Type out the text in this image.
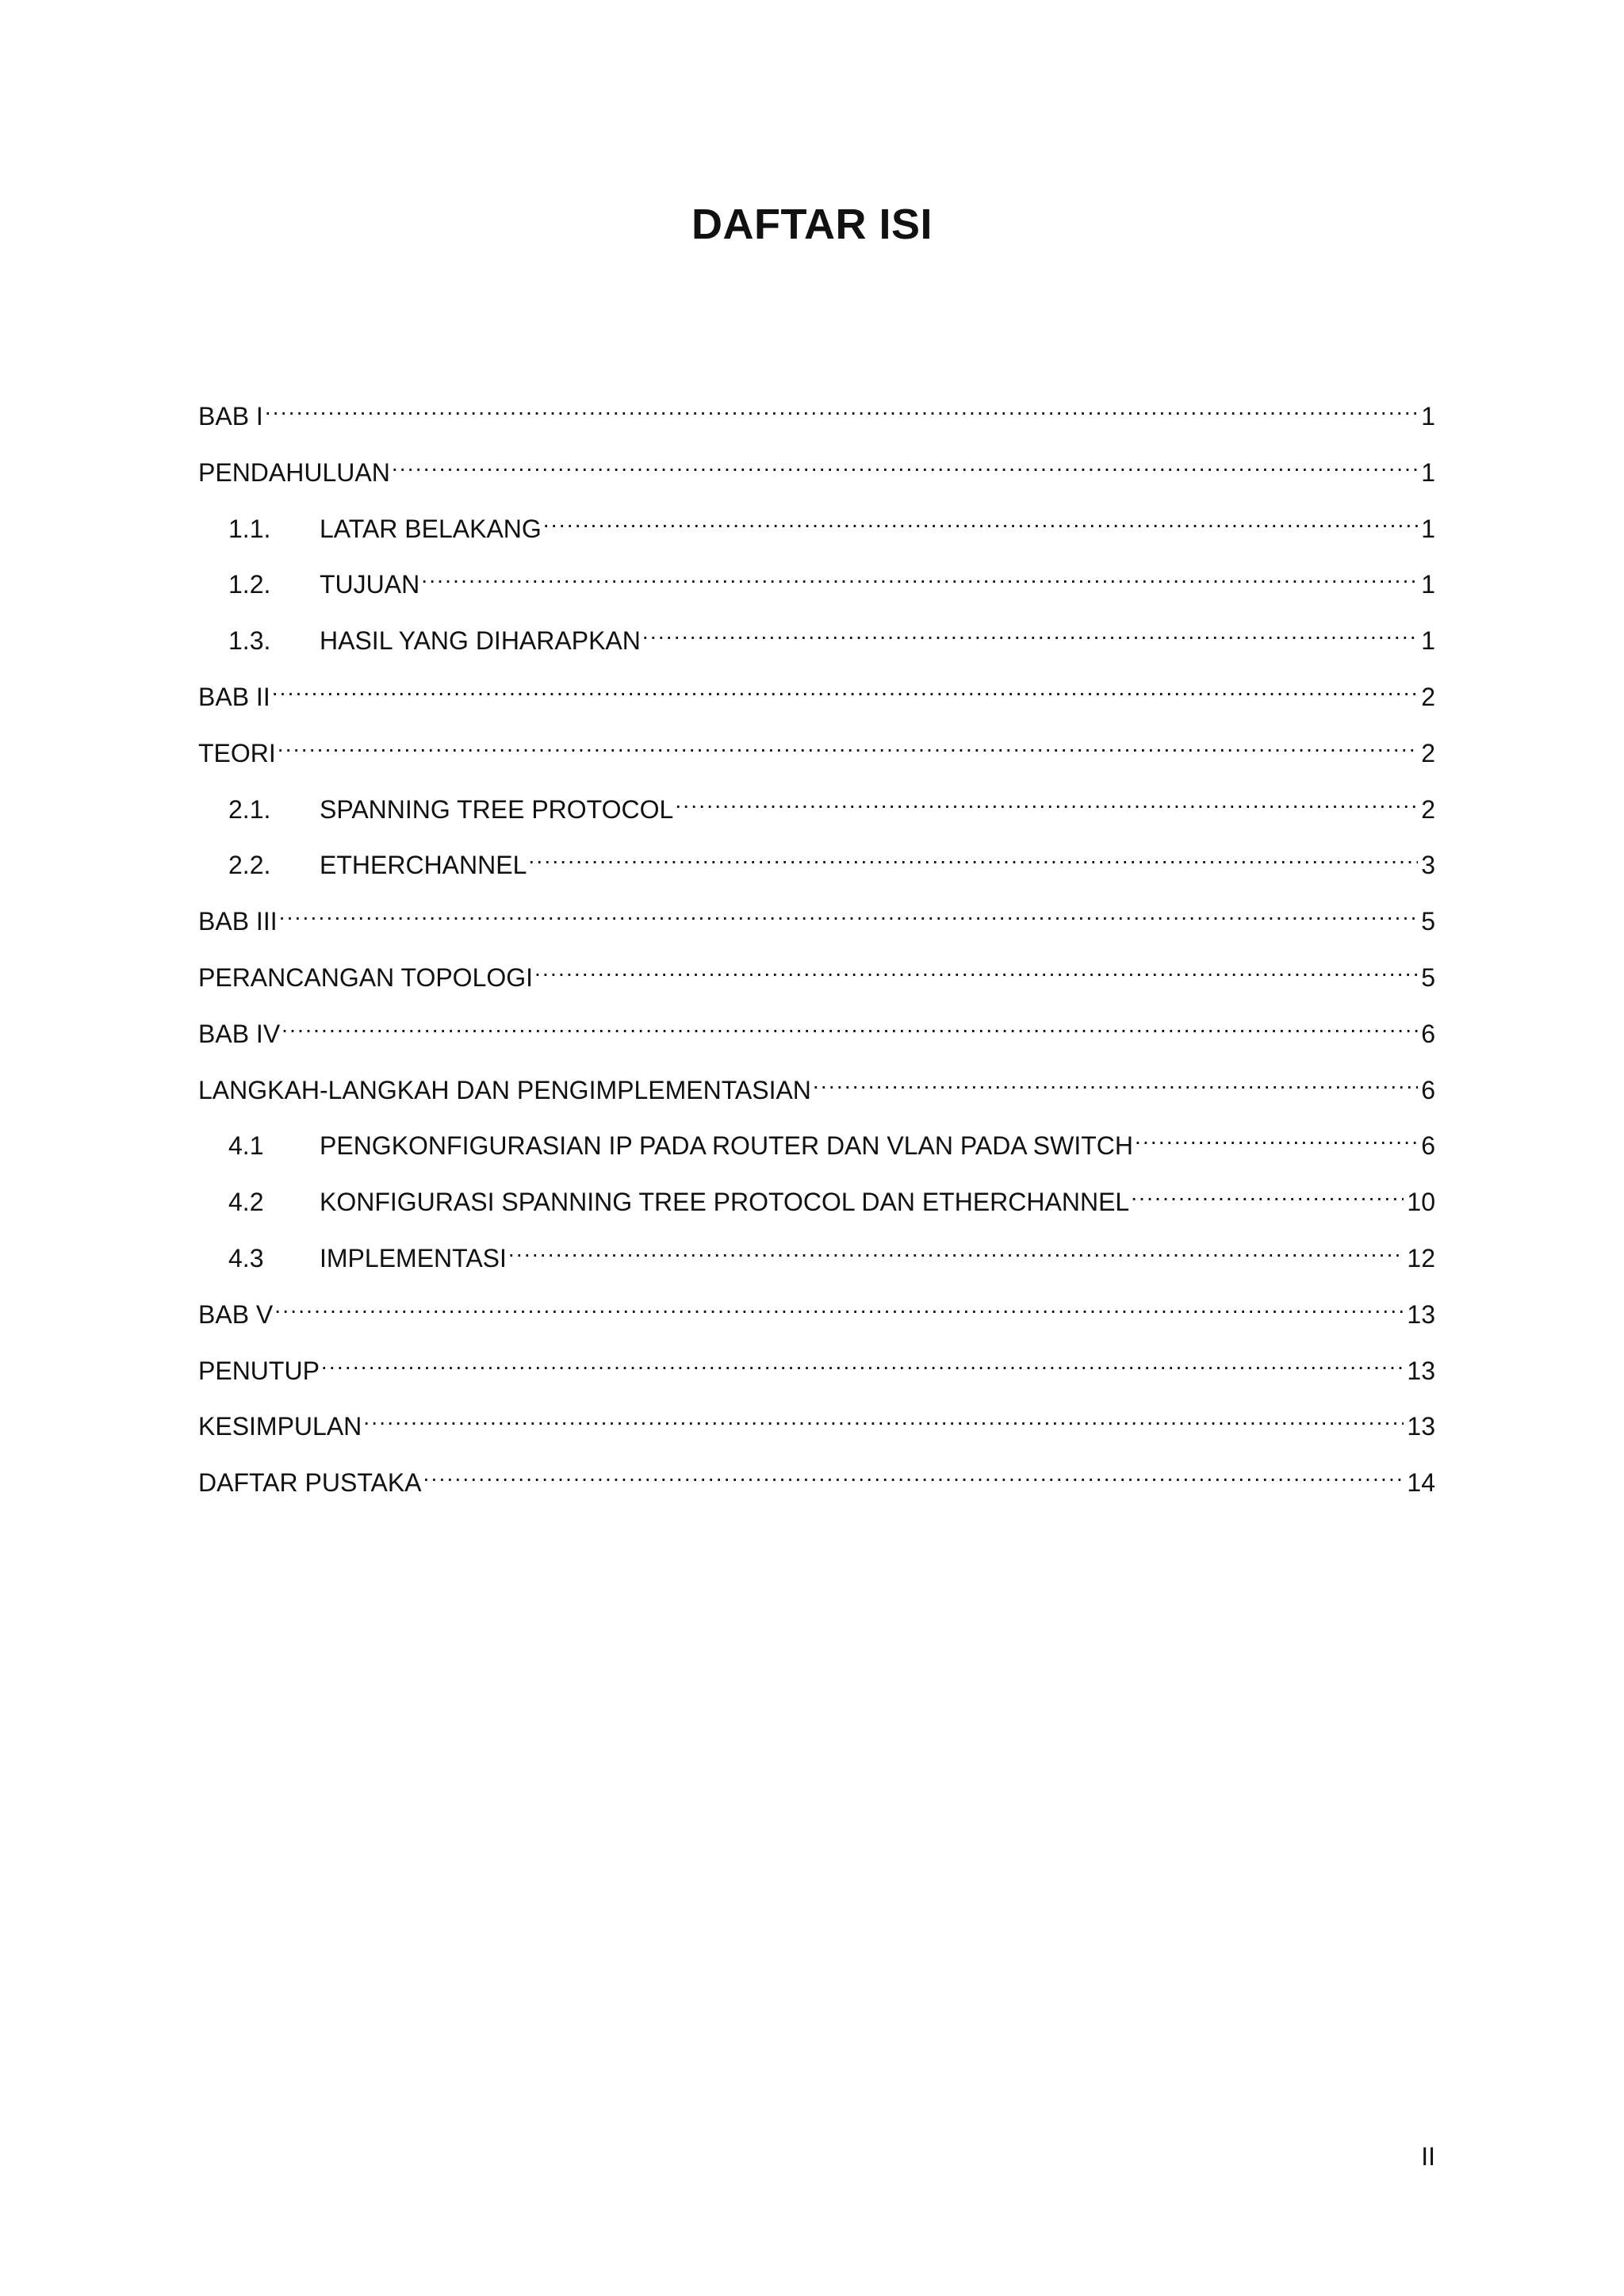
DAFTAR ISI
BAB I .....	1
PENDAHULUAN .....	1
1.1.	LATAR BELAKANG .....	1
1.2.	TUJUAN .....	1
1.3.	HASIL YANG DIHARAPKAN .....	1
BAB II .....	2
TEORI .....	2
2.1.	SPANNING TREE PROTOCOL .....	2
2.2.	ETHERCHANNEL .....	3
BAB III .....	5
PERANCANGAN TOPOLOGI .....	5
BAB IV .....	6
LANGKAH-LANGKAH DAN PENGIMPLEMENTASIAN .....	6
4.1	PENGKONFIGURASIAN IP PADA ROUTER DAN VLAN PADA SWITCH .....	6
4.2	KONFIGURASI SPANNING TREE PROTOCOL DAN ETHERCHANNEL .....	10
4.3	IMPLEMENTASI .....	12
BAB V .....	13
PENUTUP .....	13
KESIMPULAN .....	13
DAFTAR PUSTAKA .....	14

II
